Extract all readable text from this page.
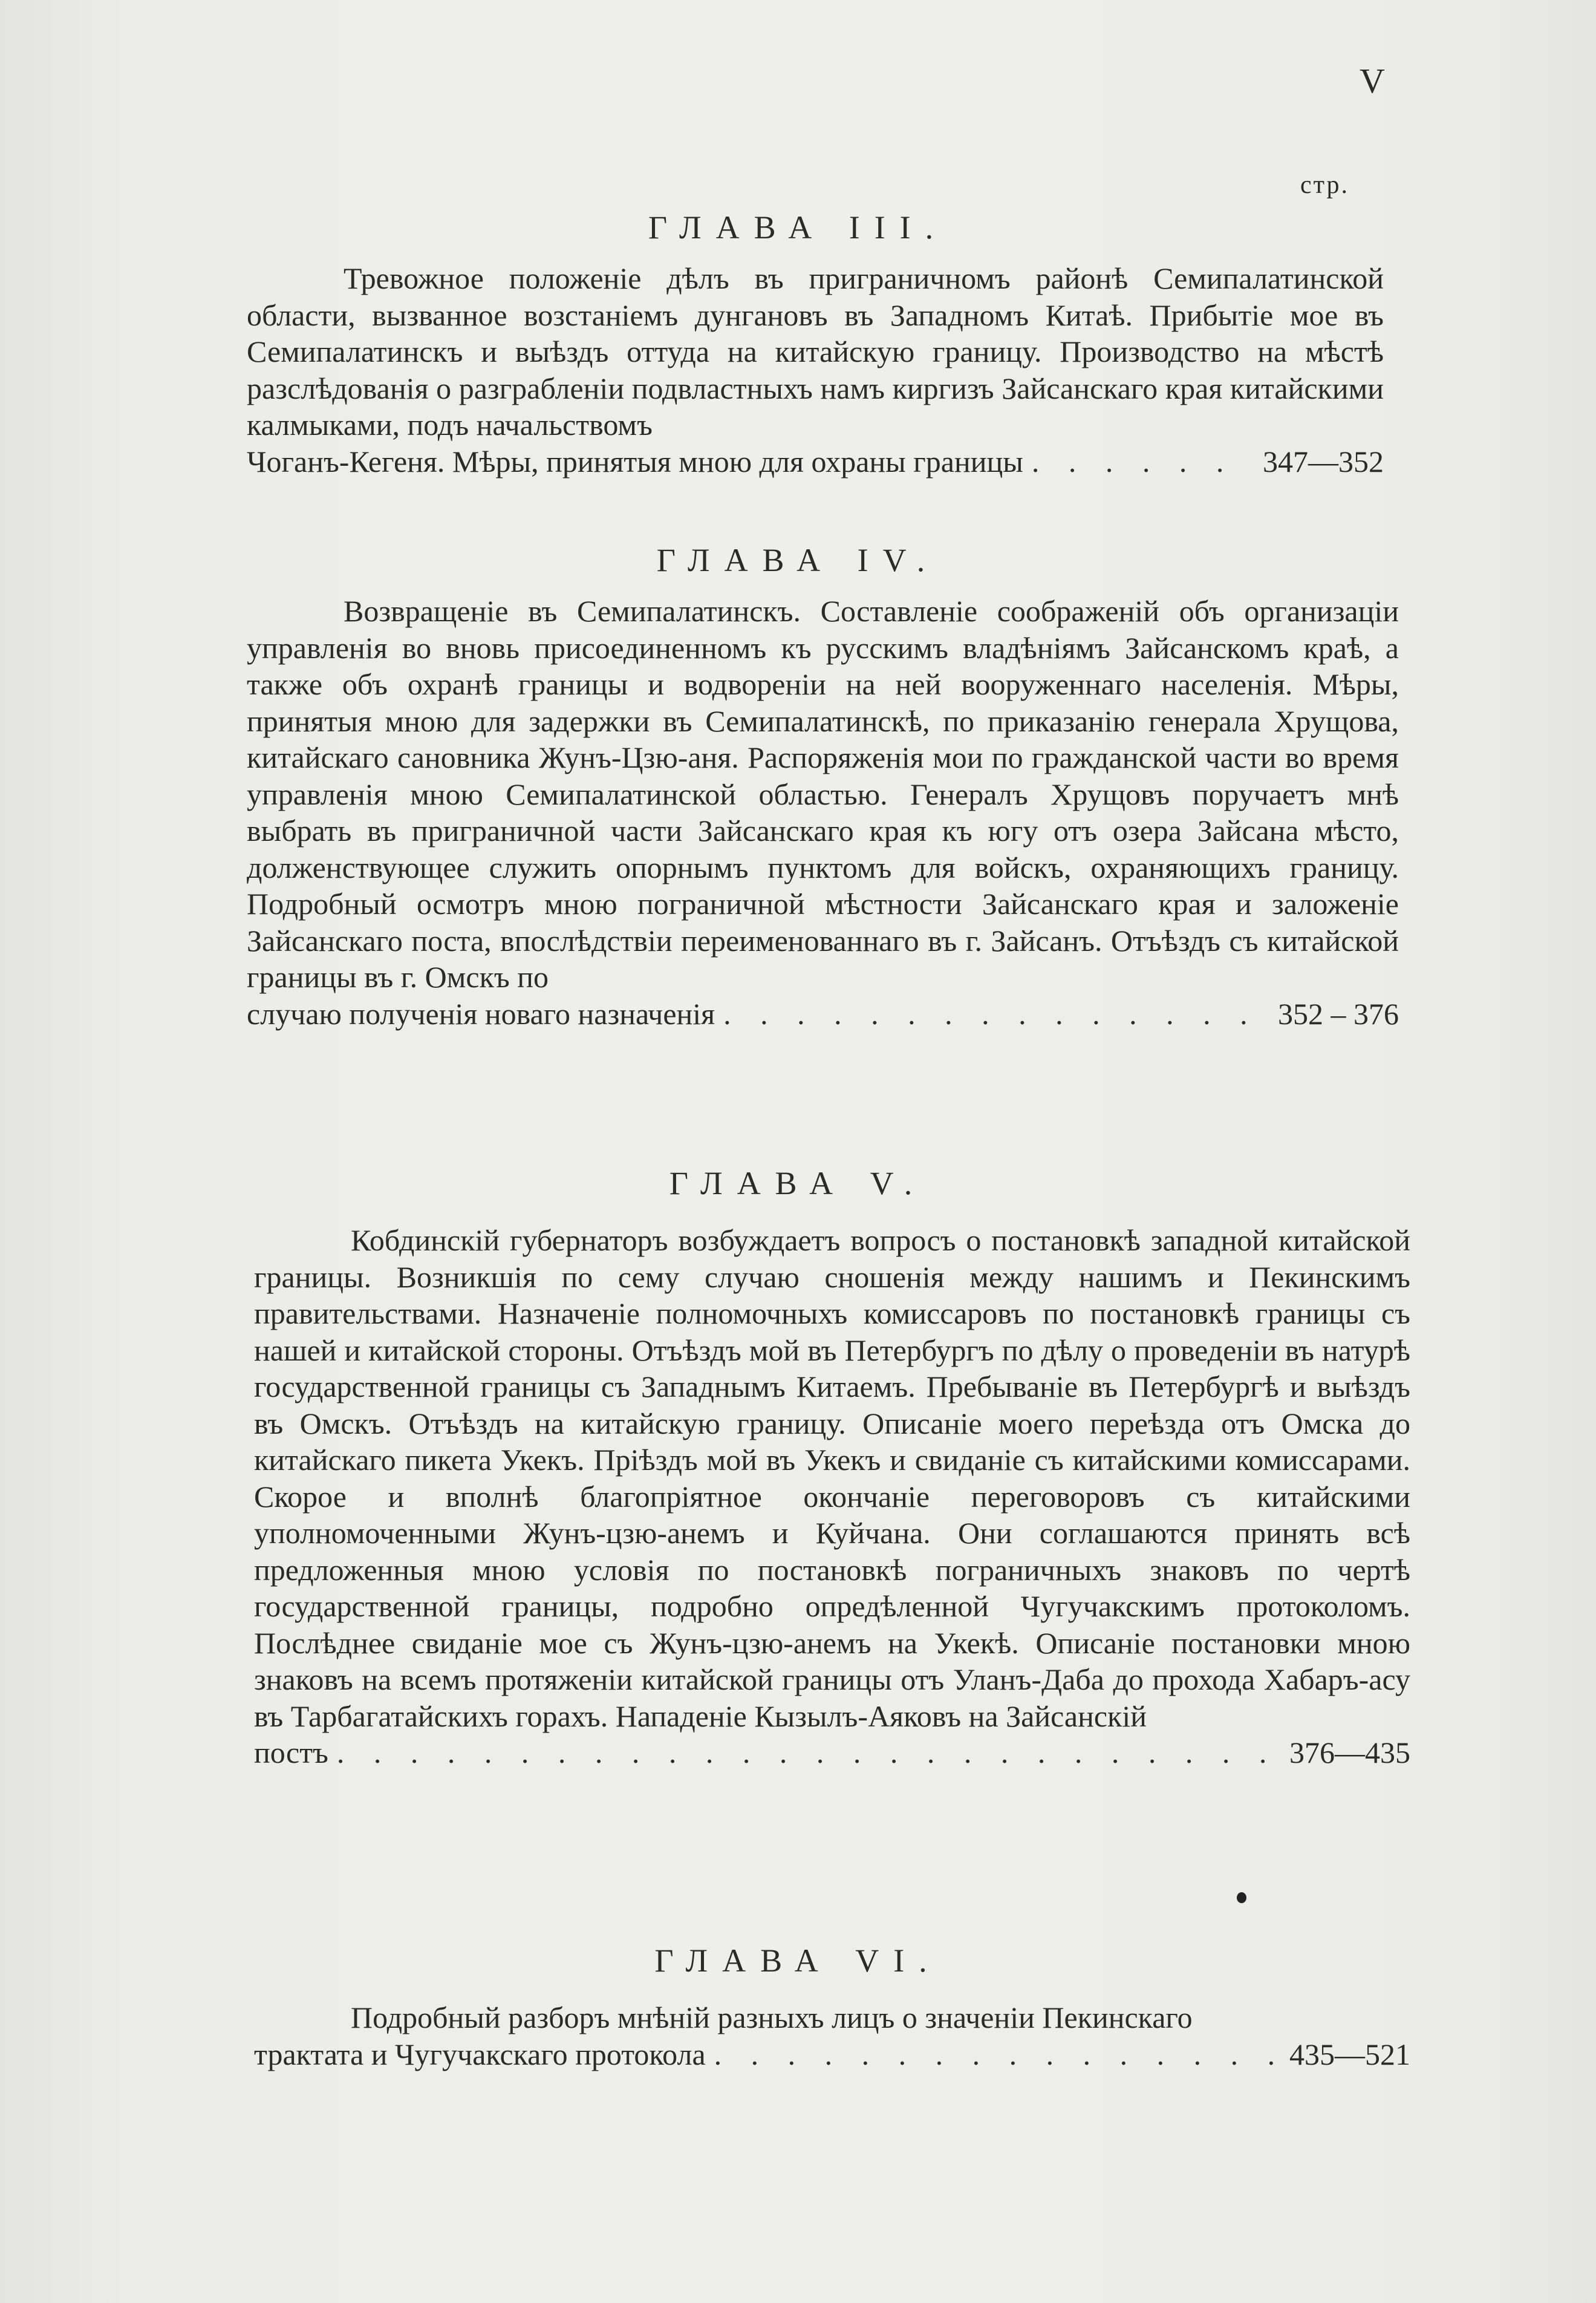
V
стр.
ГЛАВА III.
Тревожное положеніе дѣлъ въ приграничномъ районѣ Семипалатинской области, вызванное возстаніемъ дунгановъ въ Западномъ Китаѣ. Прибытіе мое въ Семипалатинскъ и выѣздъ оттуда на китайскую границу. Производство на мѣстѣ разслѣдованія о разграбленіи подвластныхъ намъ киргизъ Зайсанскаго края китайскими калмыками, подъ начальствомъ
Чоганъ-Кегеня. Мѣры, принятыя мною для охраны границы . . .	347—352
ГЛАВА IV.
Возвращеніе въ Семипалатинскъ. Составленіе соображеній объ организаціи управленія во вновь присоединенномъ къ русскимъ владѣніямъ Зайсанскомъ краѣ, а также объ охранѣ границы и водвореніи на ней вооруженнаго населенія. Мѣры, принятыя мною для задержки въ Семипалатинскѣ, по приказанію генерала Хрущова, китайскаго сановника Жунъ-Цзю-аня. Распоряженія мои по гражданской части во время управленія мною Семипалатинской областью. Генералъ Хрущовъ поручаетъ мнѣ выбрать въ приграничной части Зайсанскаго края къ югу отъ озера Зайсана мѣсто, долженствующее служить опорнымъ пунктомъ для войскъ, охраняющихъ границу. Подробный осмотръ мною пограничной мѣстности Зайсанскаго края и заложеніе Зайсанскаго поста, впослѣдствіи переименованнаго въ г. Зайсанъ. Отъѣздъ съ китайской границы въ г. Омскъ по
случаю полученія новаго назначенія . . .	352 – 376
ГЛАВА V.
Кобдинскій губернаторъ возбуждаетъ вопросъ о постановкѣ западной китайской границы. Возникшія по сему случаю сношенія между нашимъ и Пекинскимъ правительствами. Назначеніе полномочныхъ комиссаровъ по постановкѣ границы съ нашей и китайской стороны. Отъѣздъ мой въ Петербургъ по дѣлу о проведеніи въ натурѣ государственной границы съ Западнымъ Китаемъ. Пребываніе въ Петербургѣ и выѣздъ въ Омскъ. Отъѣздъ на китайскую границу. Описаніе моего переѣзда отъ Омска до китайскаго пикета Укекъ. Пріѣздъ мой въ Укекъ и свиданіе съ китайскими комиссарами. Скорое и вполнѣ благопріятное окончаніе переговоровъ съ китайскими уполномоченными Жунъ-цзю-анемъ и Куйчана. Они соглашаются принять всѣ предложенныя мною условія по постановкѣ пограничныхъ знаковъ по чертѣ государственной границы, подробно опредѣленной Чугучакскимъ протоколомъ. Послѣднее свиданіе мое съ Жунъ-цзю-анемъ на Укекѣ. Описаніе постановки мною знаковъ на всемъ протяженіи китайской границы отъ Уланъ-Даба до прохода Хабаръ-асу въ Тарбагатайскихъ горахъ. Нападеніе Кызылъ-Аяковъ на Зайсанскій
постъ . . .	376—435
ГЛАВА VI.
Подробный разборъ мнѣній разныхъ лицъ о значеніи Пекинскаго
трактата и Чугучакскаго протокола . . .	435—521
